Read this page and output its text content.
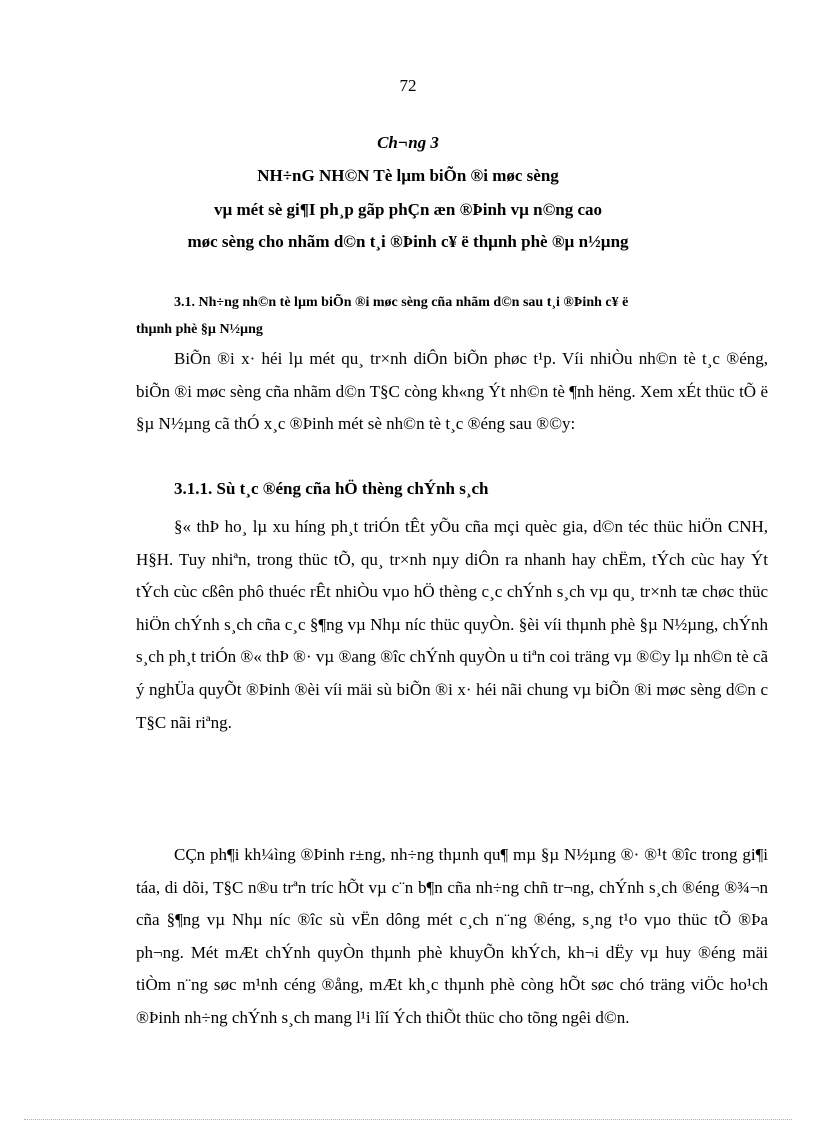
72
Ch¬ng 3
NH÷nG NH©N Tè lµm biÕn ®i møc sèng
vµ mét sè gi¶I ph¸p gãp phÇn æn ®Þinh vµ n©ng cao
møc sèng cho nhãm d©n t¸i ®Þinh c¥ ë thµnh phè ®µ n½µng
3.1. Nh÷ng nh©n tè lµm biÕn ®i møc sèng cña nhãm d©n sau t¸i ®Þinh c¥ ë
thµnh phè §µ N½µng
BiÕn ®i x· héi lµ mét qu¸ tr×nh diÔn biÕn phøc t¹p. Víi nhiÒu nh©n tè t¸c ®éng, biÕn ®i møc sèng cña nhãm d©n T§C còng kh«ng Ýt nh©n tè ¶nh hëng. Xem xÉt thüc tÕ ë §µ N½µng cã thÓ x¸c ®Þinh mét sè nh©n tè t¸c ®éng sau ®©y:
3.1.1. Sù t¸c ®éng cña hÖ thèng chÝnh s¸ch
§« thÞ ho¸ lµ xu híng ph¸t triÓn tÊt yÕu cña mçi quèc gia, d©n téc thüc hiÖn CNH, H§H. Tuy nhiªn, trong thüc tÕ, qu¸ tr×nh nµy diÔn ra nhanh hay chËm, tÝch cùc hay Ýt tÝch cùc cßên phô thuéc rÊt nhiÒu vµo hÖ thèng c¸c chÝnh s¸ch vµ qu¸ tr×nh tæ chøc thüc hiÖn chÝnh s¸ch cña c¸c §¶ng vµ Nhµ níc thüc quyÒn. §èi víi thµnh phè §µ N½µng, chÝnh s¸ch ph¸t triÓn ®« thÞ ®· vµ ®ang ®îc chÝnh quyÒn u tiªn coi träng vµ ®©y lµ nh©n tè cã ý nghÜa quyÕt ®Þinh ®èi víi mäi sù biÕn ®i x· héi nãi chung vµ biÕn ®i møc sèng d©n c T§C nãi riªng.
CÇn ph¶i kh¼ìng ®Þinh r±ng, nh÷ng thµnh qu¶ mµ §µ N½µng ®· ®¹t ®îc trong gi¶i táa, di dõi, T§C n®u trªn tríc hÕt vµ c¨n b¶n cña nh÷ng chñ tr¬ng, chÝnh s¸ch ®éng ®¾¬n cña §¶ng vµ Nhµ níc ®îc sù vËn dông mét c¸ch n¨ng ®éng, s¸ng t¹o vµo thüc tÕ ®Þa ph¬ng. Mét mÆt chÝnh quyÒn thµnh phè khuyÕn khÝch, kh¬i dËy vµ huy ®éng mäi tiÒm n¨ng søc m¹nh céng ®ång, mÆt kh¸c thµnh phè còng hÕt søc chó träng viÖc ho¹ch ®Þinh nh÷ng chÝnh s¸ch mang l¹i lîí Ých thiÕt thüc cho tõng ngêi d©n.
